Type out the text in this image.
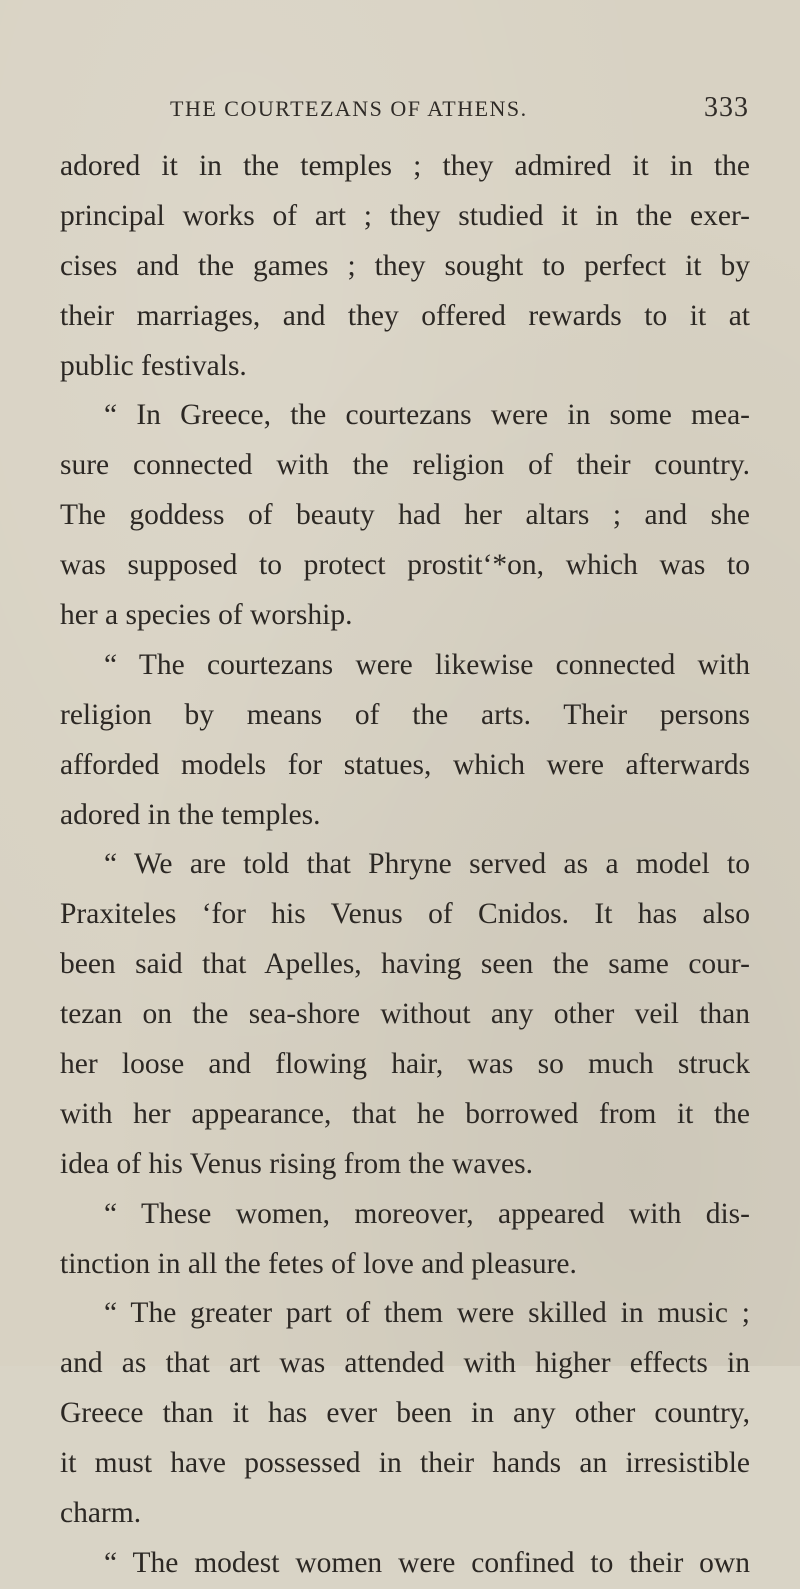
THE COURTEZANS OF ATHENS.	333
adored it in the temples ; they admired it in the
principal works of art ; they studied it in the exer-
cises and the games ; they sought to perfect it by
their marriages, and they offered rewards to it at
public festivals.
“ In Greece, the courtezans were in some mea-
sure connected with the religion of their country.
The goddess of beauty had her altars ; and she
was supposed to protect prostit‘*on, which was to
her a species of worship.
“ The courtezans were likewise connected with
religion by means of the arts. Their persons
afforded models for statues, which were afterwards
adored in the temples.
“ We are told that Phryne served as a model to
Praxiteles ‘for his Venus of Cnidos. It has also
been said that Apelles, having seen the same cour-
tezan on the sea-shore without any other veil than
her loose and flowing hair, was so much struck
with her appearance, that he borrowed from it the
idea of his Venus rising from the waves.
“ These women, moreover, appeared with dis-
tinction in all the fetes of love and pleasure.
“ The greater part of them were skilled in music ;
and as that art was attended with higher effects in
Greece than it has ever been in any other country,
it must have possessed in their hands an irresistible
charm.
“ The modest women were confined to their own
